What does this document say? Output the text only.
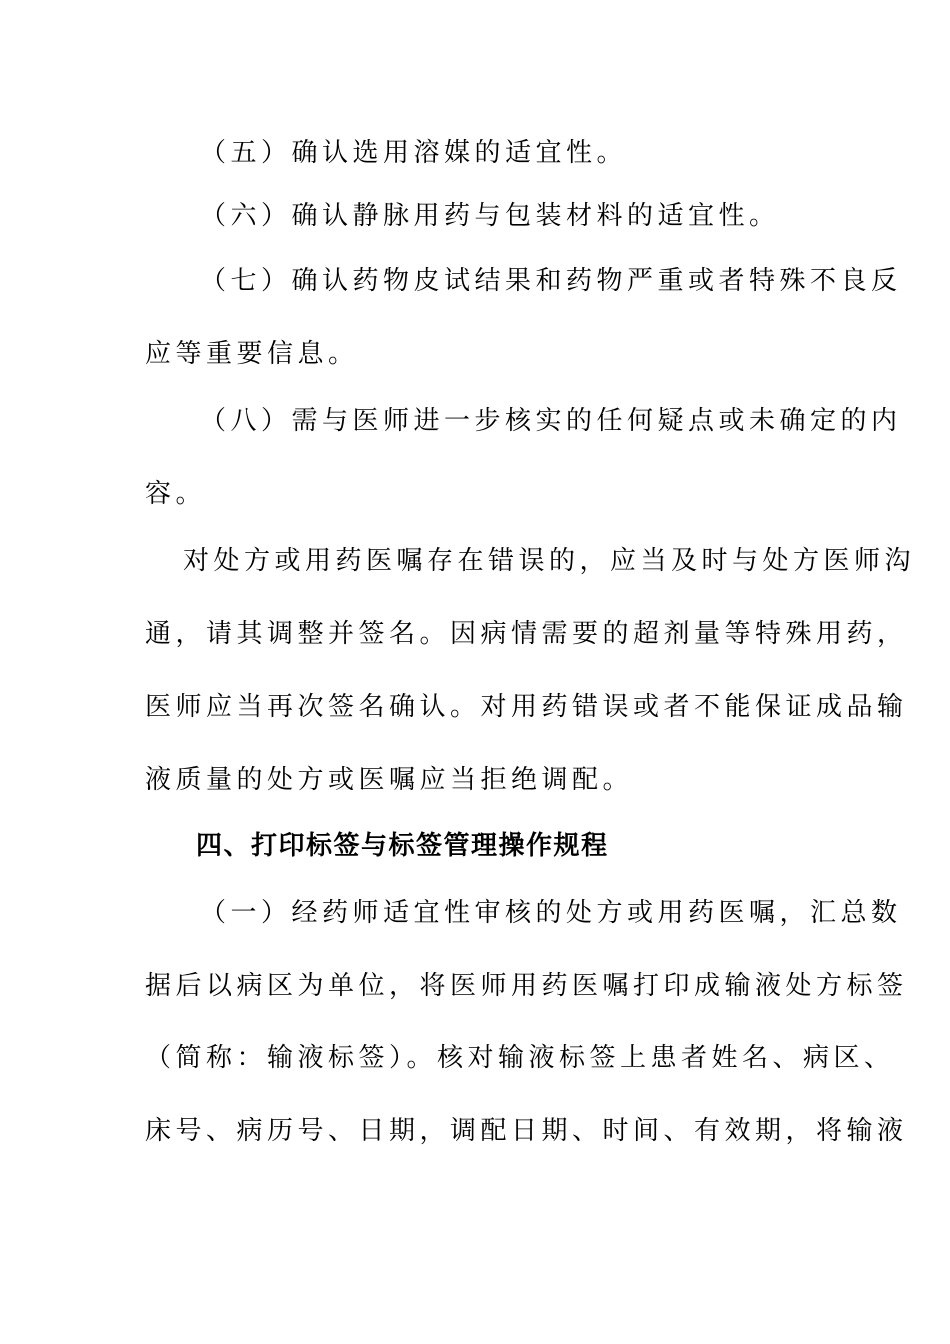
（五）确认选用溶媒的适宜性。
（六）确认静脉用药与包装材料的适宜性。
（七）确认药物皮试结果和药物严重或者特殊不良反
应等重要信息。
（八）需与医师进一步核实的任何疑点或未确定的内
容。
对处方或用药医嘱存在错误的，应当及时与处方医师沟
通，请其调整并签名。因病情需要的超剂量等特殊用药，
医师应当再次签名确认。对用药错误或者不能保证成品输
液质量的处方或医嘱应当拒绝调配。
四、打印标签与标签管理操作规程
（一）经药师适宜性审核的处方或用药医嘱，汇总数
据后以病区为单位，将医师用药医嘱打印成输液处方标签
（简称：输液标签）。核对输液标签上患者姓名、病区、
床号、病历号、日期，调配日期、时间、有效期，将输液
